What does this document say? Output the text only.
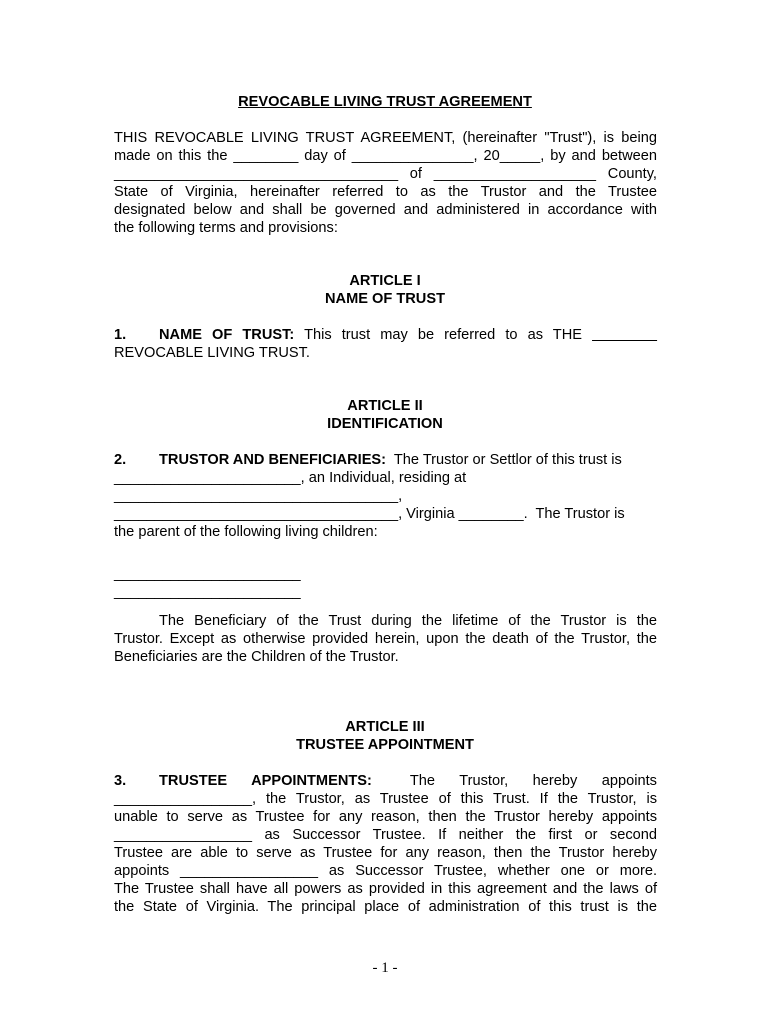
REVOCABLE LIVING TRUST AGREEMENT
THIS REVOCABLE LIVING TRUST AGREEMENT, (hereinafter "Trust"), is being
made on this the ________ day of _______________, 20_____, by and between
___________________________________ of ____________________ County,
State of Virginia, hereinafter referred to as the Trustor and the Trustee
designated below and shall be governed and administered in accordance with
the following terms and provisions:
ARTICLE I
NAME OF TRUST
1. NAME OF TRUST: This trust may be referred to as THE ________
REVOCABLE LIVING TRUST.
ARTICLE II
IDENTIFICATION
2. TRUSTOR AND BENEFICIARIES:  The Trustor or Settlor of this trust is
_______________________, an Individual, residing at
___________________________________,
___________________________________, Virginia ________.  The Trustor is
the parent of the following living children:
_______________________
_______________________
The Beneficiary of the Trust during the lifetime of the Trustor is the
Trustor. Except as otherwise provided herein, upon the death of the Trustor, the
Beneficiaries are the Children of the Trustor.
ARTICLE III
TRUSTEE APPOINTMENT
3. TRUSTEE APPOINTMENTS:	The Trustor, hereby appoints
_________________, the Trustor, as Trustee of this Trust. If the Trustor, is
unable to serve as Trustee for any reason, then the Trustor hereby appoints
_________________ as Successor Trustee. If neither the first or second
Trustee are able to serve as Trustee for any reason, then the Trustor hereby
appoints _________________ as Successor Trustee, whether one or more.
The Trustee shall have all powers as provided in this agreement and the laws of
the State of Virginia. The principal place of administration of this trust is the
- 1 -
